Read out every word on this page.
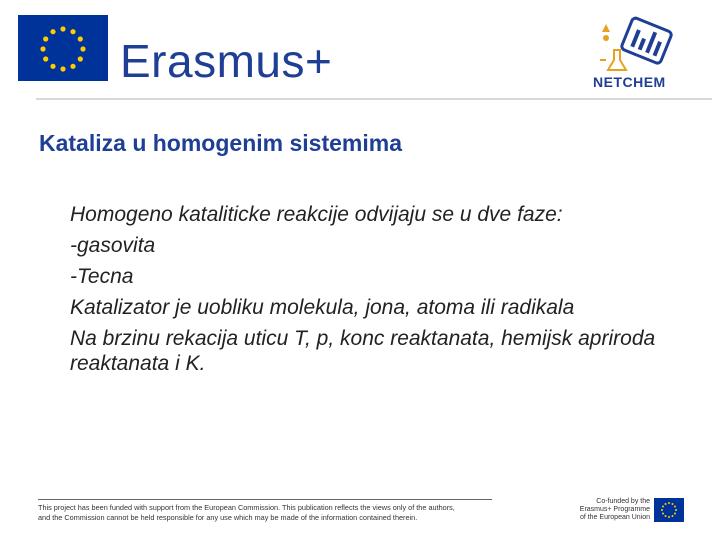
Erasmus+	NETCHEM
Kataliza u homogenim sistemima

Homogeno kataliticke reakcije odvijaju se u dve faze:

-gasovita

-Tecna

Katalizator je uobliku molekula, jona, atoma ili radikala

Na brzinu rekacija uticu T, p, konc reaktanata, hemijsk apriroda reaktanata i K.

This project has been funded with support from the European Commission. This publication reflects the views only of the authors,
and the Commission cannot be held responsible for any use which may be made of the information contained therein.
Co-funded by the
Erasmus+ Programme
of the European Union
